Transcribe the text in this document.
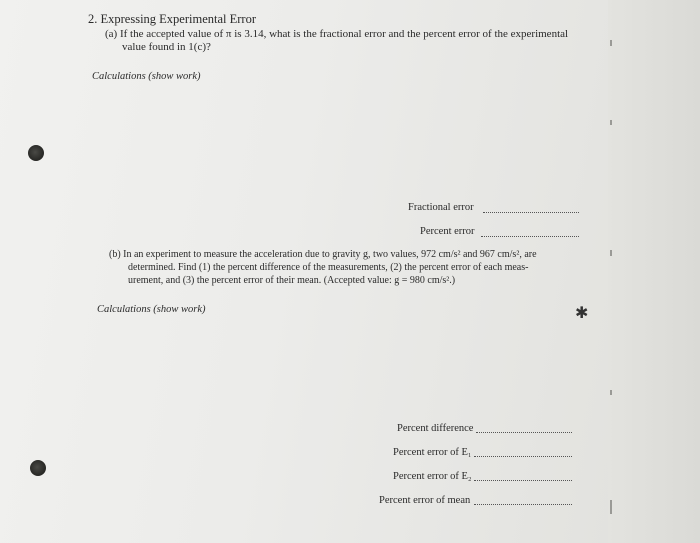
2. Expressing Experimental Error
(a) If the accepted value of π is 3.14, what is the fractional error and the percent error of the experimental
value found in 1(c)?
Calculations (show work)
Fractional error
Percent error
(b) In an experiment to measure the acceleration due to gravity g, two values, 972 cm/s² and 967 cm/s², are
determined. Find (1) the percent difference of the measurements, (2) the percent error of each meas-
urement, and (3) the percent error of their mean. (Accepted value: g = 980 cm/s².)
Calculations (show work)	✱
Percent difference
Percent error of E₁
Percent error of E₂
Percent error of mean
